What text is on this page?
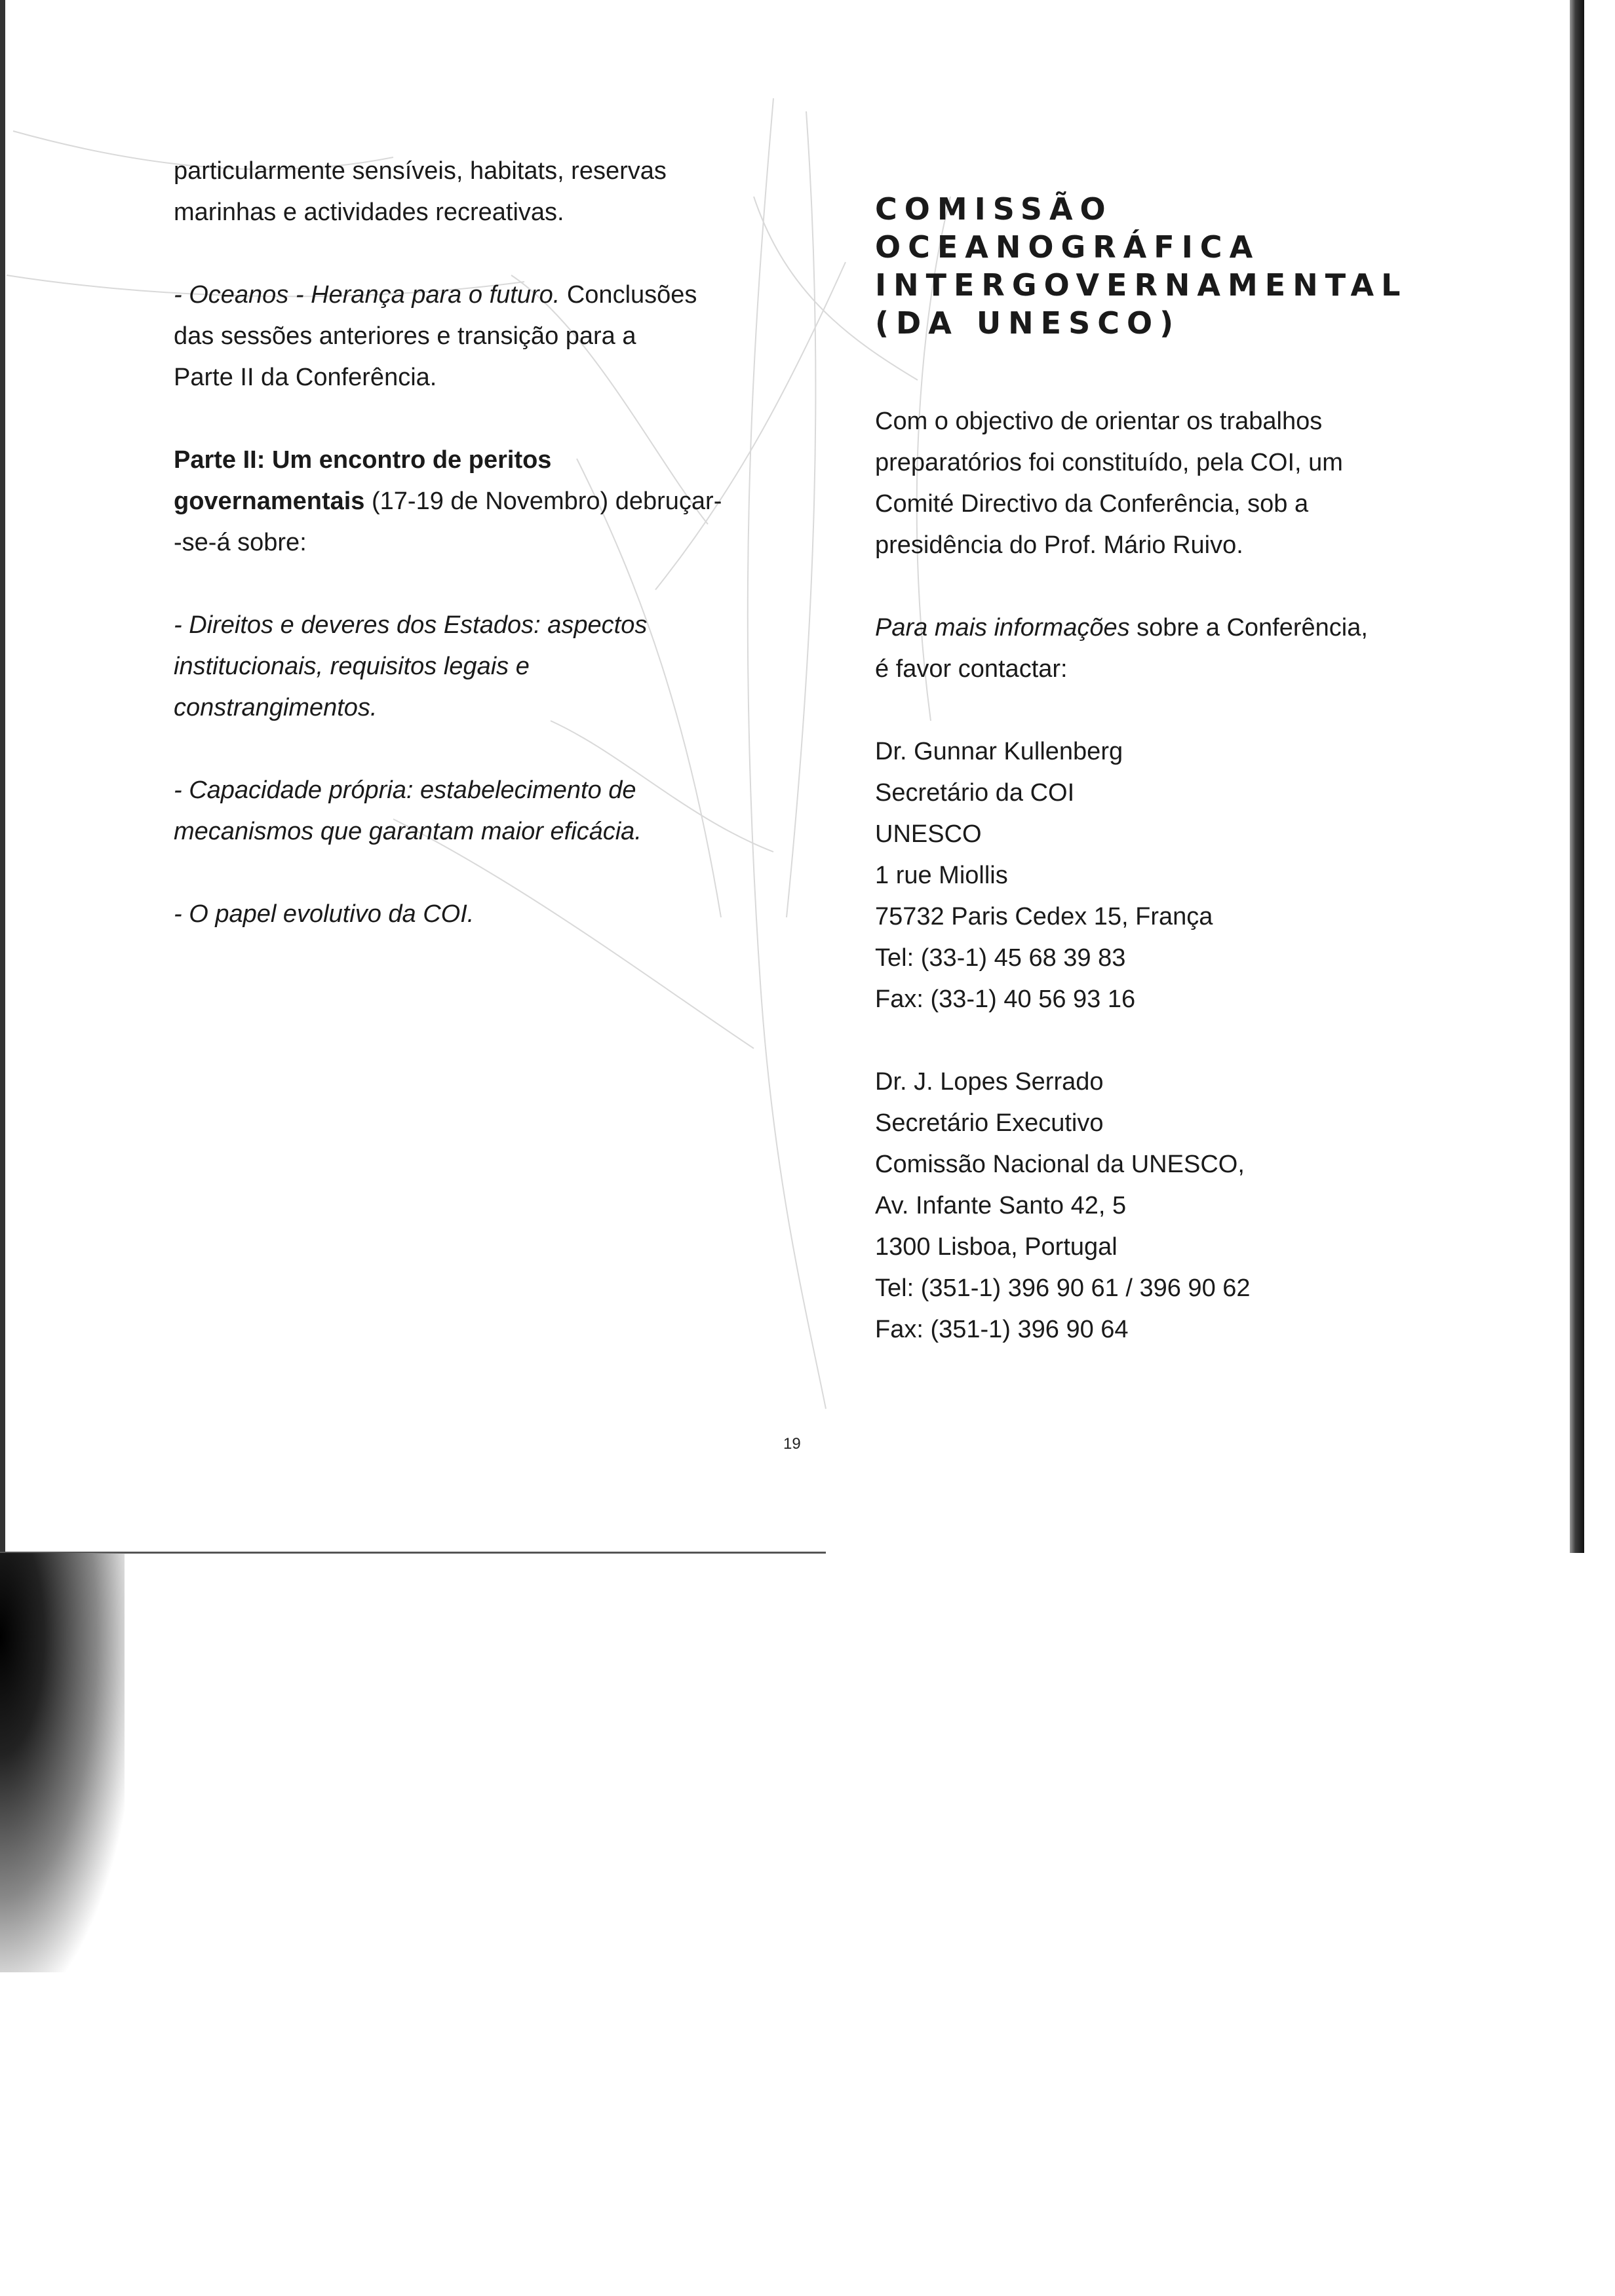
particularmente sensíveis, habitats, reservas
marinhas e actividades recreativas.

- Oceanos - Herança para o futuro. Conclusões
das sessões anteriores e transição para a
Parte II da Conferência.

Parte II: Um encontro de peritos
governamentais (17-19 de Novembro) debruçar-
-se-á sobre:

- Direitos e deveres dos Estados: aspectos
institucionais, requisitos legais e
constrangimentos.

- Capacidade própria: estabelecimento de
mecanismos que garantam maior eficácia.

- O papel evolutivo da COI.

COMISSÃO
OCEANOGRÁFICA
INTERGOVERNAMENTAL
(DA UNESCO)

Com o objectivo de orientar os trabalhos
preparatórios foi constituído, pela COI, um
Comité Directivo da Conferência, sob a
presidência do Prof. Mário Ruivo.

Para mais informações sobre a Conferência,
é favor contactar:

Dr. Gunnar Kullenberg
Secretário da COI
UNESCO
1 rue Miollis
75732 Paris Cedex 15, França
Tel: (33-1) 45 68 39 83
Fax: (33-1) 40 56 93 16
Dr. J. Lopes Serrado
Secretário Executivo
Comissão Nacional da UNESCO,
Av. Infante Santo 42, 5
1300 Lisboa, Portugal
Tel: (351-1) 396 90 61 / 396 90 62
Fax: (351-1) 396 90 64
19
